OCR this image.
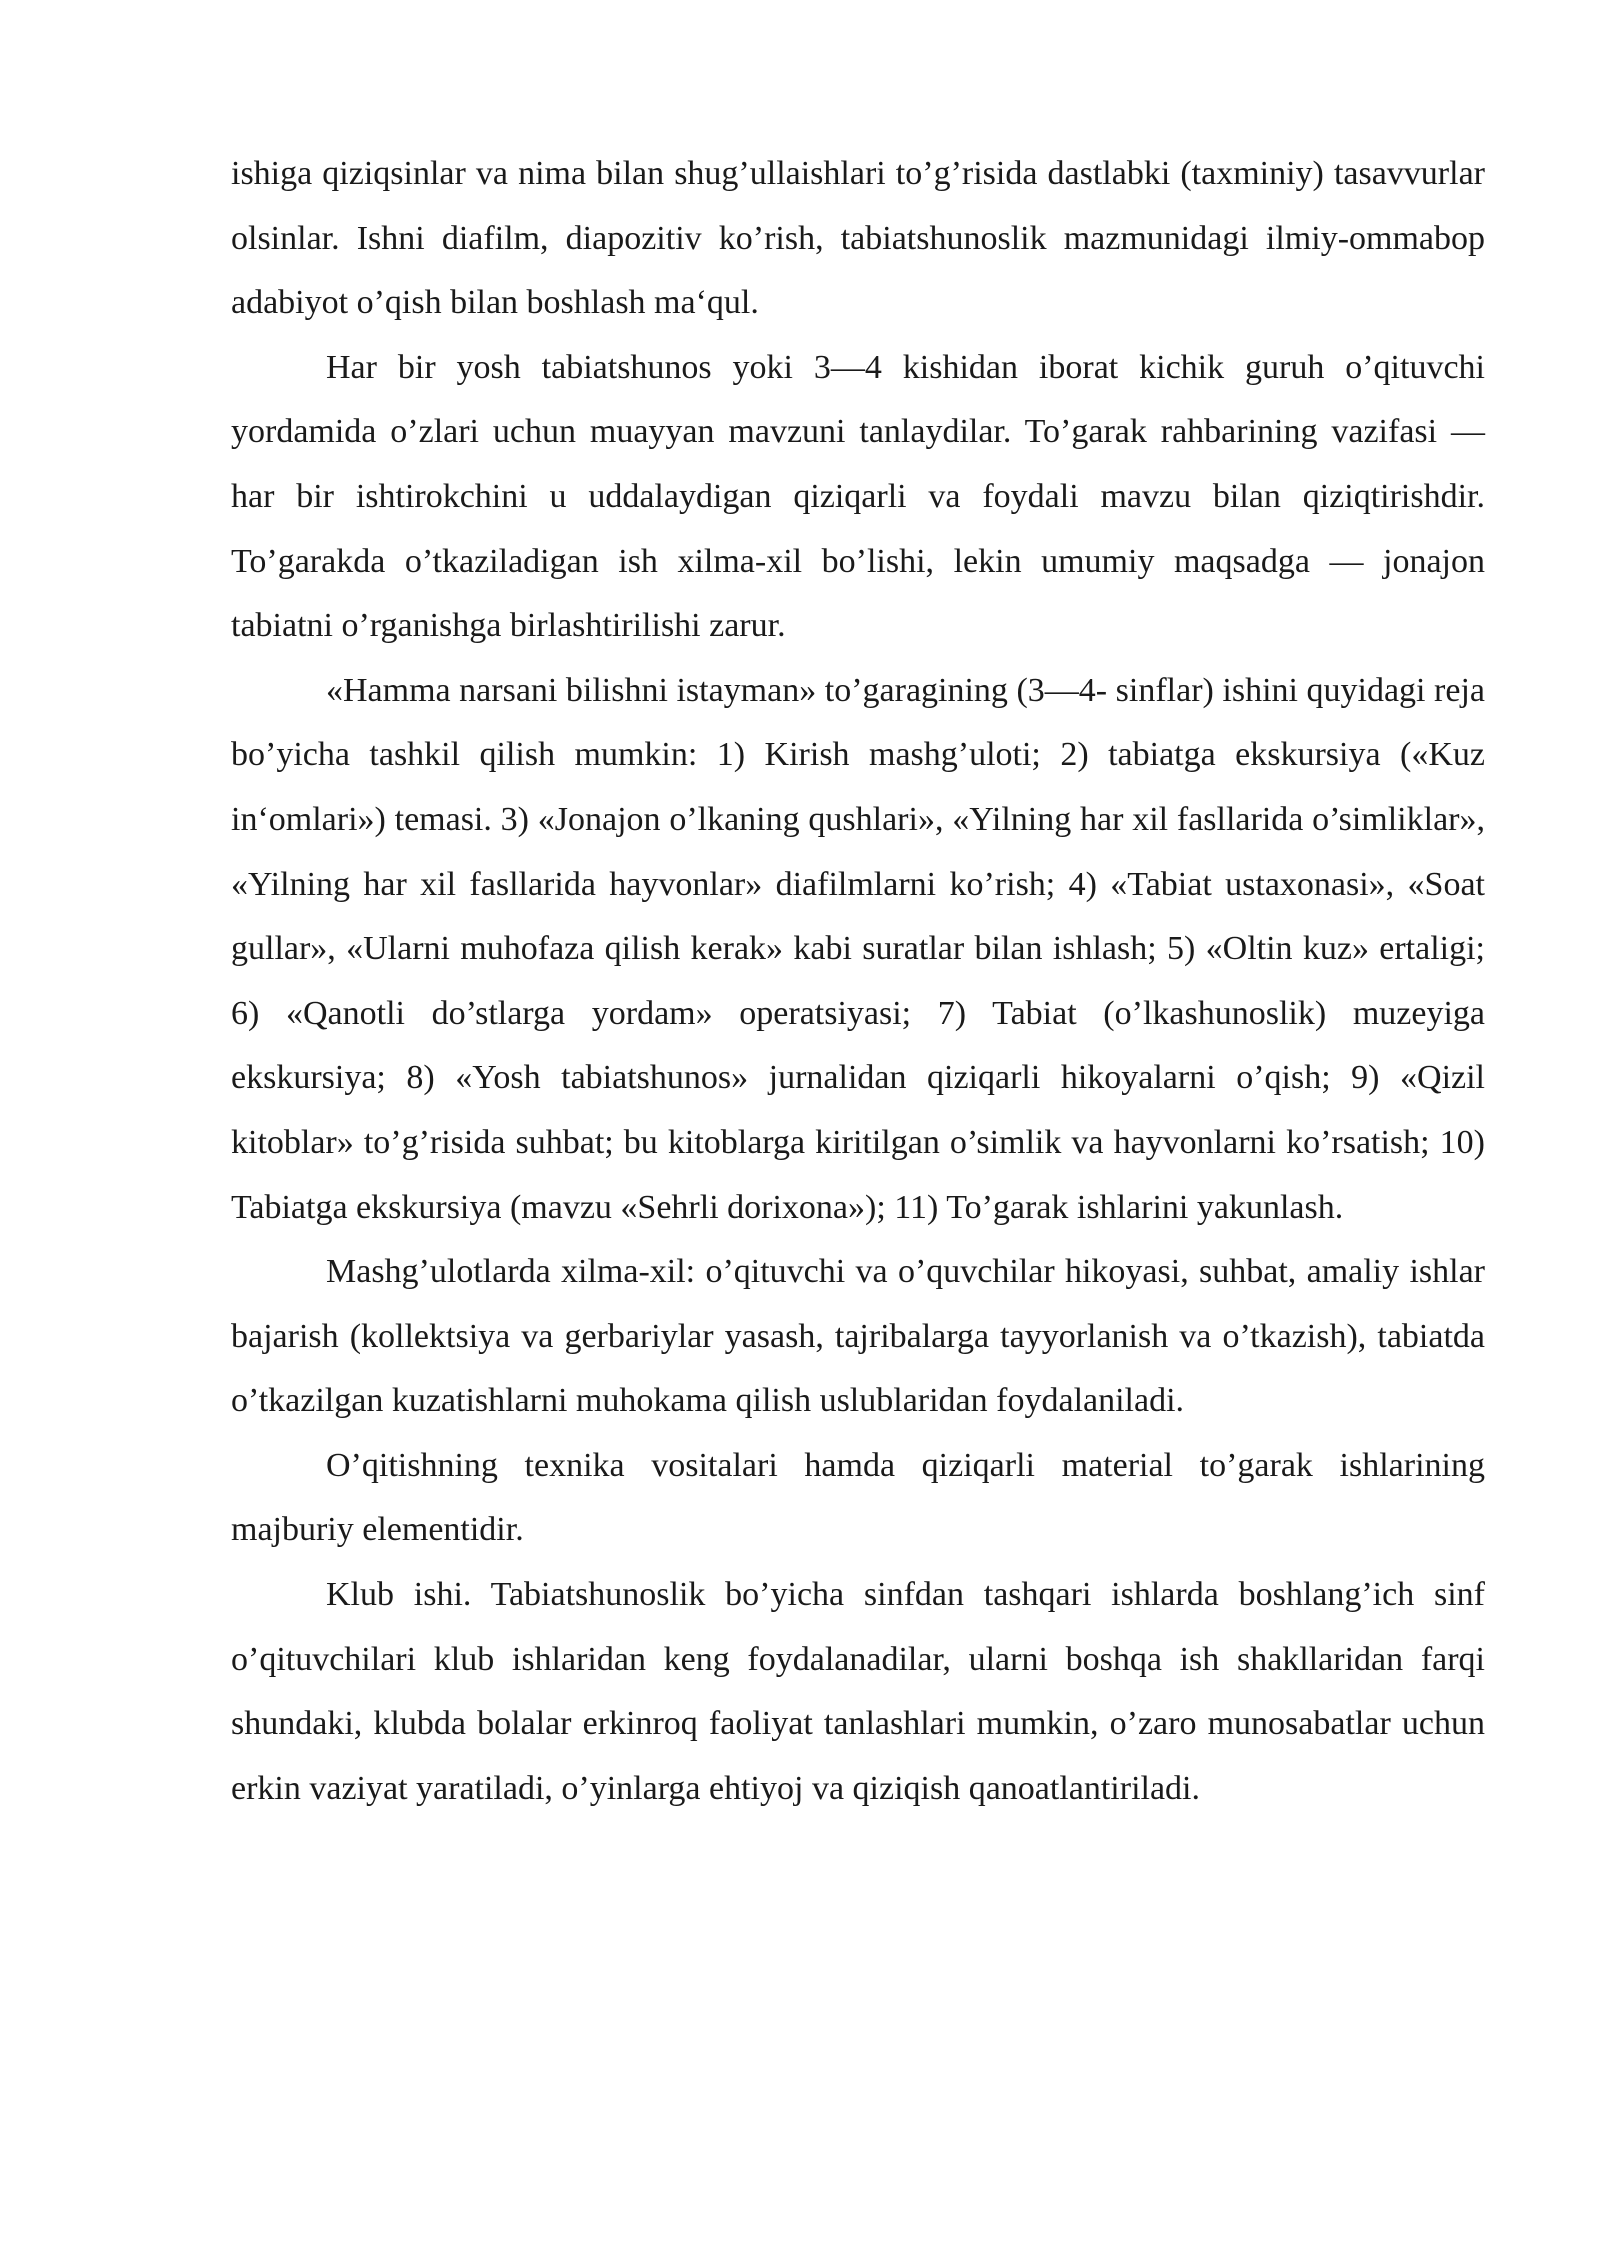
ishiga qiziqsinlar va nima bilan shug’ullaishlari to’g’risida dastlabki (taxminiy) tasavvurlar olsinlar. Ishni diafilm, diapozitiv ko’rish, tabiatshunoslik mazmunidagi ilmiy-ommabop adabiyot o’qish bilan boshlash ma‘qul.

Har bir yosh tabiatshunos yoki 3—4 kishidan iborat kichik guruh o’qituvchi yordamida o’zlari uchun muayyan mavzuni tanlaydilar. To’garak rahbarining vazifasi — har bir ishtirokchini u uddalaydigan qiziqarli va foydali mavzu bilan qiziqtirishdir. To’garakda o’tkaziladigan ish xilma-xil bo’lishi, lekin umumiy maqsadga — jonajon tabiatni o’rganishga birlashtirilishi zarur.

«Hamma narsani bilishni istayman» to’garagining (3—4- sinflar) ishini quyidagi reja bo’yicha tashkil qilish mumkin: 1) Kirish mashg’uloti; 2) tabiatga ekskursiya («Kuz in‘omlari») temasi. 3) «Jonajon o’lkaning qushlari», «Yilning har xil fasllarida o’simliklar», «Yilning har xil fasllarida hayvonlar» diafilmlarni ko’rish; 4) «Tabiat ustaxonasi», «Soat gullar», «Ularni muhofaza qilish kerak» kabi suratlar bilan ishlash; 5) «Oltin kuz» ertaligi; 6) «Qanotli do’stlarga yordam» operatsiyasi; 7) Tabiat (o’lkashunoslik) muzeyiga ekskursiya; 8) «Yosh tabiatshunos» jurnalidan qiziqarli hikoyalarni o’qish; 9) «Qizil kitoblar» to’g’risida suhbat; bu kitoblarga kiritilgan o’simlik va hayvonlarni ko’rsatish; 10) Tabiatga ekskursiya (mavzu «Sehrli dorixona»); 11) To’garak ishlarini yakunlash.

Mashg’ulotlarda xilma-xil: o’qituvchi va o’quvchilar hikoyasi, suhbat, amaliy ishlar bajarish (kollektsiya va gerbariylar yasash, tajribalarga tayyorlanish va o’tkazish), tabiatda o’tkazilgan kuzatishlarni muhokama qilish uslublaridan foydalaniladi.

O’qitishning texnika vositalari hamda qiziqarli material to’garak ishlarining majburiy elementidir.

Klub ishi. Tabiatshunoslik bo’yicha sinfdan tashqari ishlarda boshlang’ich sinf o’qituvchilari klub ishlaridan keng foydalanadilar, ularni boshqa ish shakllaridan farqi shundaki, klubda bolalar erkinroq faoliyat tanlashlari mumkin, o’zaro munosabatlar uchun erkin vaziyat yaratiladi, o’yinlarga ehtiyoj va qiziqish qanoatlantiriladi.
